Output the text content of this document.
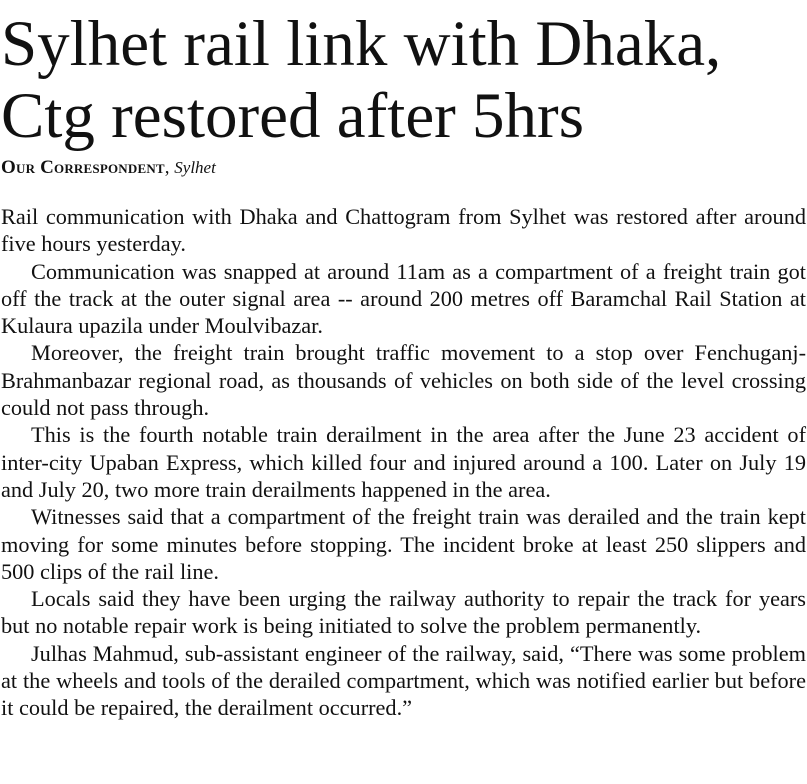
Sylhet rail link with Dhaka,
Ctg restored after 5hrs
Our Correspondent, Sylhet

Rail communication with Dhaka and Chattogram from Sylhet was restored after around five hours yesterday.

Communication was snapped at around 11am as a compartment of a freight train got off the track at the outer signal area -- around 200 metres off Baramchal Rail Station at Kulaura upazila under Moulvibazar.

Moreover, the freight train brought traffic movement to a stop over Fenchuganj-Brahmanbazar regional road, as thousands of vehicles on both side of the level crossing could not pass through.

This is the fourth notable train derailment in the area after the June 23 accident of inter-city Upaban Express, which killed four and injured around a 100. Later on July 19 and July 20, two more train derailments happened in the area.

Witnesses said that a compartment of the freight train was derailed and the train kept moving for some minutes before stopping. The incident broke at least 250 slippers and 500 clips of the rail line.

Locals said they have been urging the railway authority to repair the track for years but no notable repair work is being initiated to solve the problem permanently.

Julhas Mahmud, sub-assistant engineer of the railway, said, “There was some problem at the wheels and tools of the derailed compartment, which was notified earlier but before it could be repaired, the derailment occurred.”
